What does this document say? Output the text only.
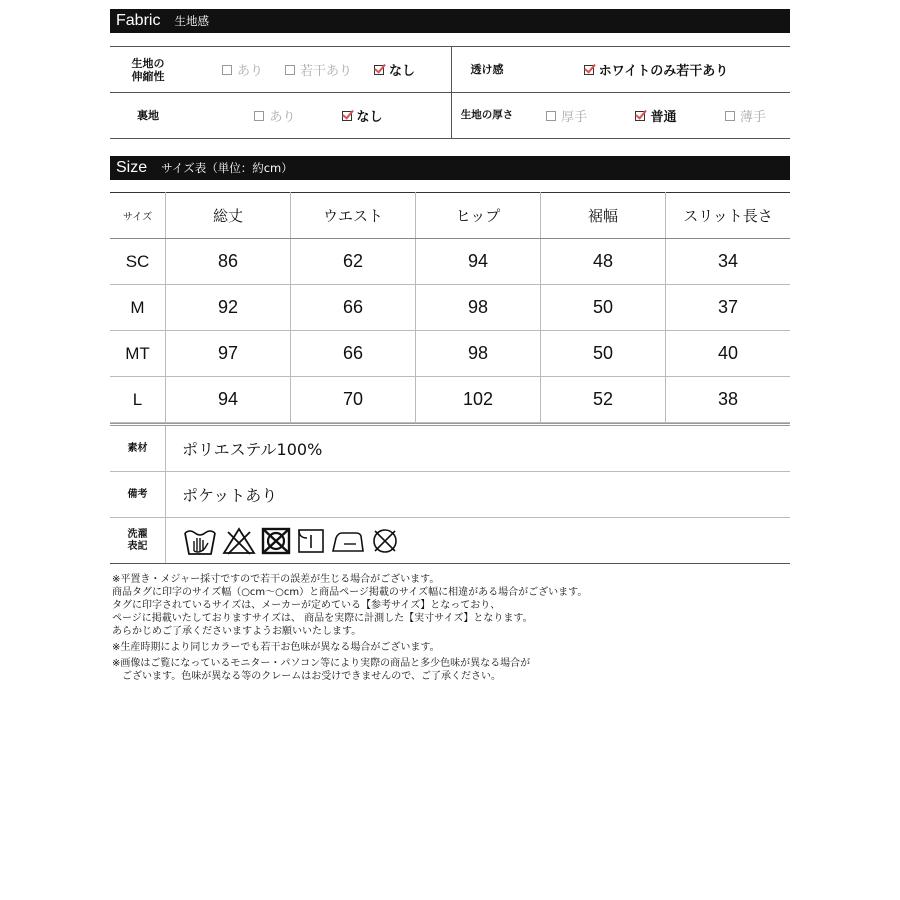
Fabric 生地感
生地の
伸縮性	あり	若干あり	なし	透け感	ホワイトのみ若干あり
裏地	あり	なし	生地の厚さ	厚手	普通	薄手
Size サイズ表（単位：約cm）
サイズ	総丈	ウエスト	ヒップ	裾幅	スリット長さ
SC	86	62	94	48	34
M	92	66	98	50	37
MT	97	66	98	50	40
L	94	70	102	52	38
素材	ポリエステル100%
備考	ポケットあり
洗濯
表記

※平置き・メジャー採寸ですので若干の誤差が生じる場合がございます。
商品タグに印字のサイズ幅（○cm～○cm）と商品ページ掲載のサイズ幅に相違がある場合がございます。
タグに印字されているサイズは、メーカーが定めている【参考サイズ】となっており、
ページに掲載いたしておりますサイズは、 商品を実際に計測した【実寸サイズ】となります。
あらかじめご了承くださいますようお願いいたします。

※生産時期により同じカラーでも若干お色味が異なる場合がございます。

※画像はご覧になっているモニター・パソコン等により実際の商品と多少色味が異なる場合が
　ございます。色味が異なる等のクレームはお受けできませんので、ご了承ください。
